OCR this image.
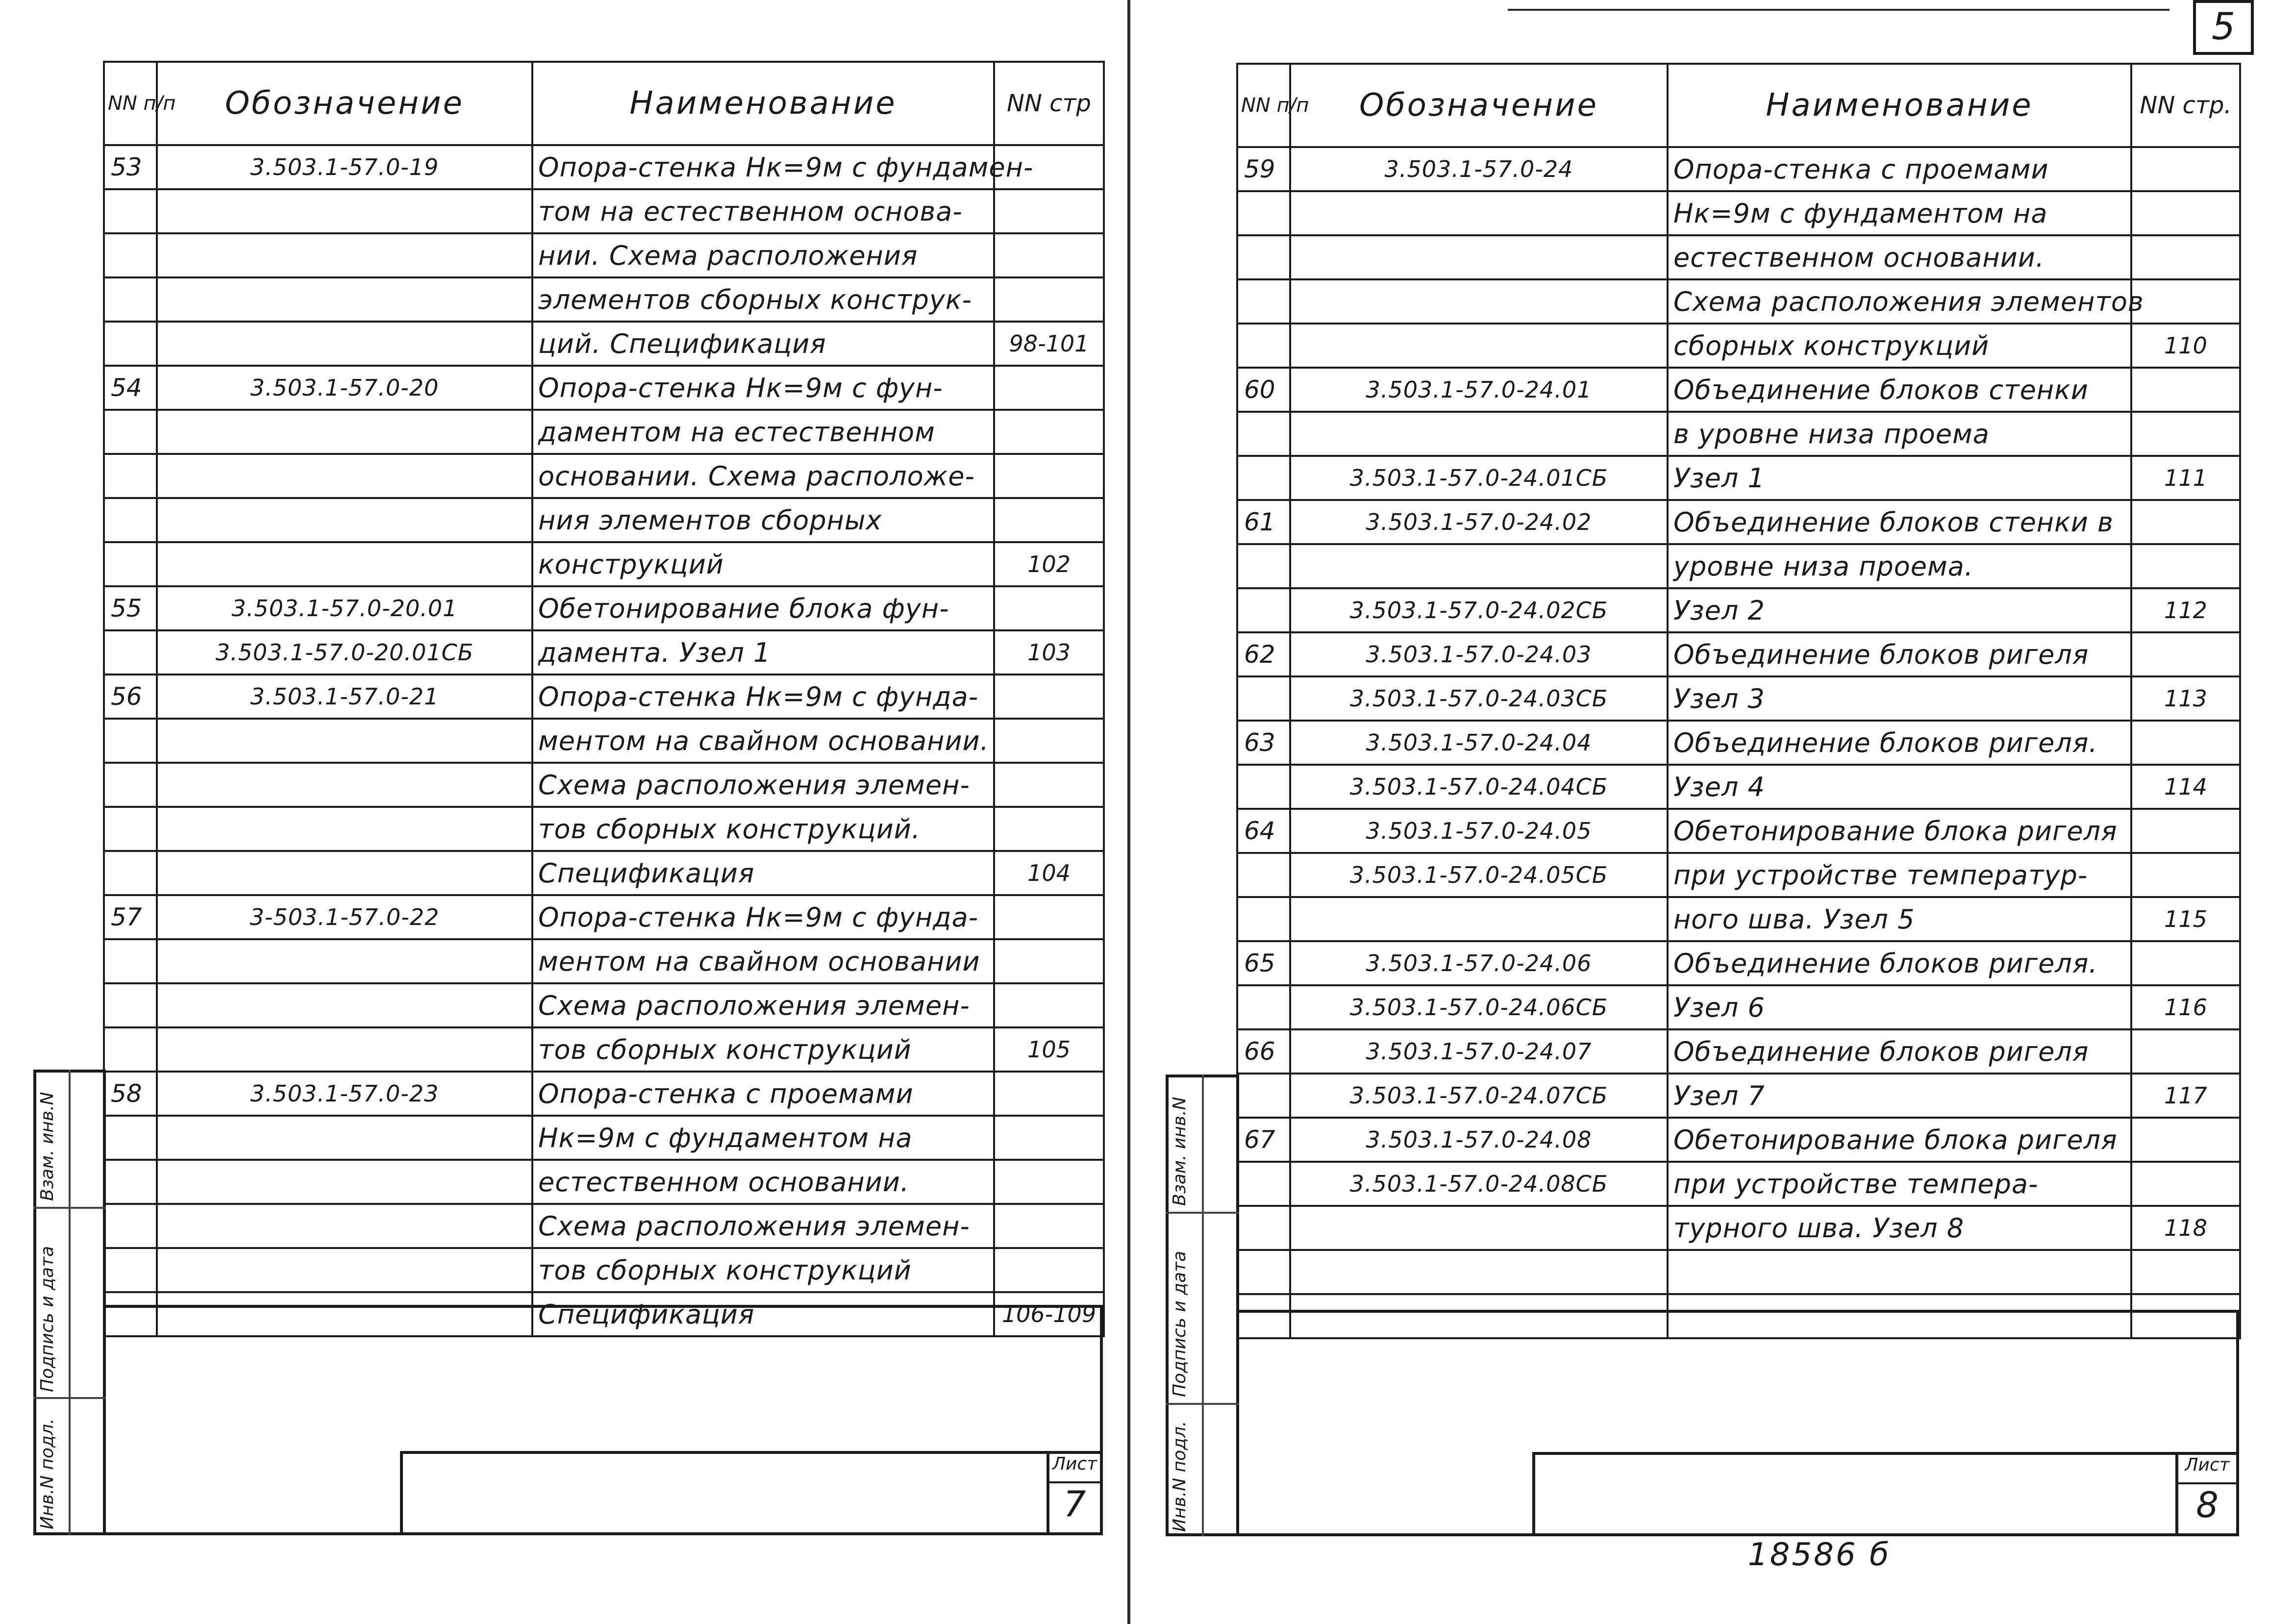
NN п/п	Обозначение	Наименование	NN стр
53	3.503.1-57.0-19	Опора-стенка Hк=9м с фундамен-	
		том на естественном основа-	
		нии. Схема расположения	
		элементов сборных конструк-	
		ций. Спецификация	98-101
54	3.503.1-57.0-20	Опора-стенка Hк=9м с фун-	
		даментом на естественном	
		основании. Схема расположе-	
		ния элементов сборных	
		конструкций	102
55	3.503.1-57.0-20.01	Обетонирование блока фун-	
	3.503.1-57.0-20.01СБ	дамента. Узел 1	103
56	3.503.1-57.0-21	Опора-стенка Hк=9м с фунда-	
		ментом на свайном основании.	
		Схема расположения элемен-	
		тов сборных конструкций.	
		Спецификация	104
57	3-503.1-57.0-22	Опора-стенка Hк=9м с фунда-	
		ментом на свайном основании	
		Схема расположения элемен-	
		тов сборных конструкций	105
58	3.503.1-57.0-23	Опора-стенка с проемами	
		Hк=9м с фундаментом на	
		естественном основании.	
		Схема расположения элемен-	
		тов сборных конструкций	
		Спецификация	106-109
Лист
7
Взам. инв.N
Подпись и дата
Инв.N подл.
5
NN п/п	Обозначение	Наименование	NN стр.
59	3.503.1-57.0-24	Опора-стенка с проемами	
		Hк=9м с фундаментом на	
		естественном основании.	
		Схема расположения элементов	
		сборных конструкций	110
60	3.503.1-57.0-24.01	Объединение блоков стенки	
		в уровне низа проема	
	3.503.1-57.0-24.01СБ	Узел 1	111
61	3.503.1-57.0-24.02	Объединение блоков стенки в	
		уровне низа проема.	
	3.503.1-57.0-24.02СБ	Узел 2	112
62	3.503.1-57.0-24.03	Объединение блоков ригеля	
	3.503.1-57.0-24.03СБ	Узел 3	113
63	3.503.1-57.0-24.04	Объединение блоков ригеля.	
	3.503.1-57.0-24.04СБ	Узел 4	114
64	3.503.1-57.0-24.05	Обетонирование блока ригеля	
	3.503.1-57.0-24.05СБ	при устройстве температур-	
		ного шва. Узел 5	115
65	3.503.1-57.0-24.06	Объединение блоков ригеля.	
	3.503.1-57.0-24.06СБ	Узел 6	116
66	3.503.1-57.0-24.07	Объединение блоков ригеля	
	3.503.1-57.0-24.07СБ	Узел 7	117
67	3.503.1-57.0-24.08	Обетонирование блока ригеля	
	3.503.1-57.0-24.08СБ	при устройстве темпера-	
		турного шва. Узел 8	118

Лист
8
Взам. инв.N
Подпись и дата
Инв.N подл.
18586 б
